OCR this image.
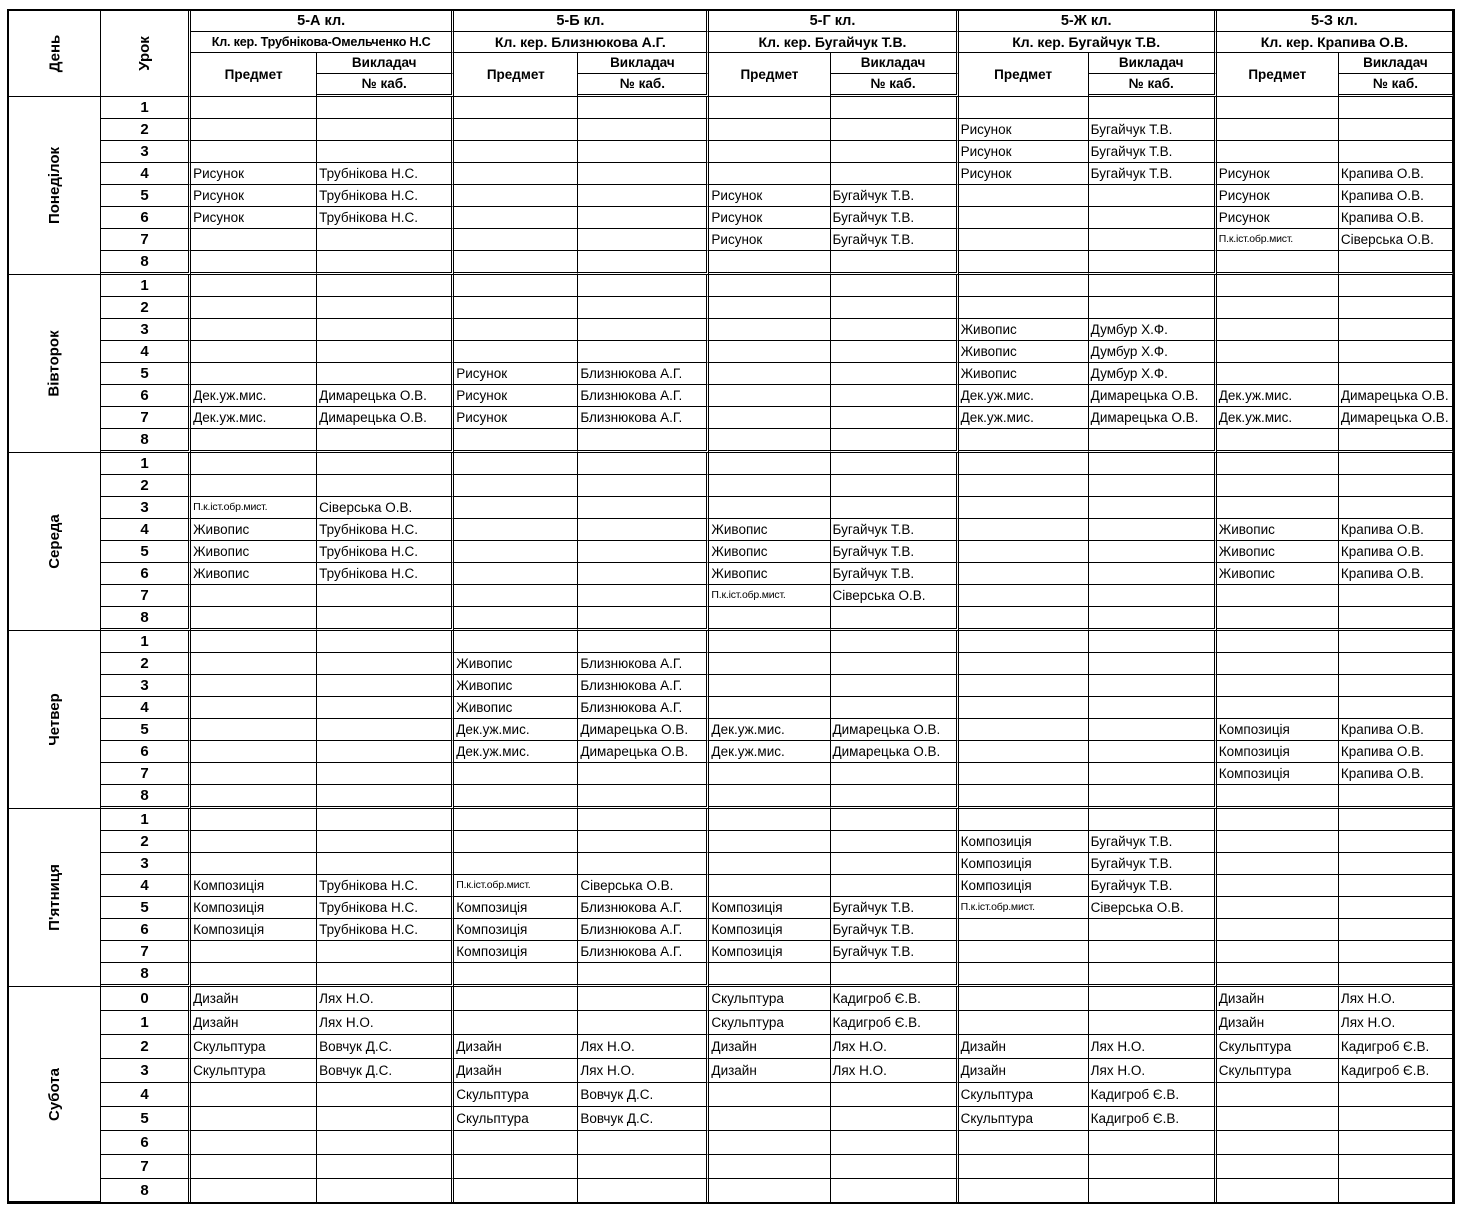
День	Урок	5-А кл.		5-Б кл.		5-Г кл.		5-Ж кл.		5-З кл.	
		Кл. кер. Трубнікова-Омельченко Н.С		Кл. кер. Близнюкова А.Г.		Кл. кер. Бугайчук Т.В.		Кл. кер. Бугайчук Т.В.		Кл. кер. Крапива О.В.	
		Предмет	Викладач	Предмет	Викладач	Предмет	Викладач	Предмет	Викладач	Предмет	Викладач
			№ каб.		№ каб.		№ каб.		№ каб.		№ каб.
Понеділок	1										
	2							Рисунок	Бугайчук Т.В.		
	3							Рисунок	Бугайчук Т.В.		
	4	Рисунок	Трубнікова Н.С.					Рисунок	Бугайчук Т.В.	Рисунок	Крапива О.В.
	5	Рисунок	Трубнікова Н.С.			Рисунок	Бугайчук Т.В.			Рисунок	Крапива О.В.
	6	Рисунок	Трубнікова Н.С.			Рисунок	Бугайчук Т.В.			Рисунок	Крапива О.В.
	7					Рисунок	Бугайчук Т.В.			П.к.іст.обр.мист.	Сіверська О.В.
	8										
Вівторок	1										
	2										
	3							Живопис	Думбур Х.Ф.		
	4							Живопис	Думбур Х.Ф.		
	5			Рисунок	Близнюкова А.Г.			Живопис	Думбур Х.Ф.		
	6	Дек.уж.мис.	Димарецька О.В.	Рисунок	Близнюкова А.Г.			Дек.уж.мис.	Димарецька О.В.	Дек.уж.мис.	Димарецька О.В.
	7	Дек.уж.мис.	Димарецька О.В.	Рисунок	Близнюкова А.Г.			Дек.уж.мис.	Димарецька О.В.	Дек.уж.мис.	Димарецька О.В.
	8										
Середа	1										
	2										
	3	П.к.іст.обр.мист.	Сіверська О.В.								
	4	Живопис	Трубнікова Н.С.			Живопис	Бугайчук Т.В.			Живопис	Крапива О.В.
	5	Живопис	Трубнікова Н.С.			Живопис	Бугайчук Т.В.			Живопис	Крапива О.В.
	6	Живопис	Трубнікова Н.С.			Живопис	Бугайчук Т.В.			Живопис	Крапива О.В.
	7					П.к.іст.обр.мист.	Сіверська О.В.				
	8										
Четвер	1										
	2			Живопис	Близнюкова А.Г.						
	3			Живопис	Близнюкова А.Г.						
	4			Живопис	Близнюкова А.Г.						
	5			Дек.уж.мис.	Димарецька О.В.	Дек.уж.мис.	Димарецька О.В.			Композиція	Крапива О.В.
	6			Дек.уж.мис.	Димарецька О.В.	Дек.уж.мис.	Димарецька О.В.			Композиція	Крапива О.В.
	7									Композиція	Крапива О.В.
	8										
П'ятниця	1										
	2							Композиція	Бугайчук Т.В.		
	3							Композиція	Бугайчук Т.В.		
	4	Композиція	Трубнікова Н.С.	П.к.іст.обр.мист.	Сіверська О.В.			Композиція	Бугайчук Т.В.		
	5	Композиція	Трубнікова Н.С.	Композиція	Близнюкова А.Г.	Композиція	Бугайчук Т.В.	П.к.іст.обр.мист.	Сіверська О.В.		
	6	Композиція	Трубнікова Н.С.	Композиція	Близнюкова А.Г.	Композиція	Бугайчук Т.В.				
	7			Композиція	Близнюкова А.Г.	Композиція	Бугайчук Т.В.				
	8										
Субота	0	Дизайн	Лях Н.О.			Скульптура	Кадигроб Є.В.			Дизайн	Лях Н.О.
	1	Дизайн	Лях Н.О.			Скульптура	Кадигроб Є.В.			Дизайн	Лях Н.О.
	2	Скульптура	Вовчук Д.С.	Дизайн	Лях Н.О.	Дизайн	Лях Н.О.	Дизайн	Лях Н.О.	Скульптура	Кадигроб Є.В.
	3	Скульптура	Вовчук Д.С.	Дизайн	Лях Н.О.	Дизайн	Лях Н.О.	Дизайн	Лях Н.О.	Скульптура	Кадигроб Є.В.
	4			Скульптура	Вовчук Д.С.			Скульптура	Кадигроб Є.В.		
	5			Скульптура	Вовчук Д.С.			Скульптура	Кадигроб Є.В.		
	6										
	7										
	8										
